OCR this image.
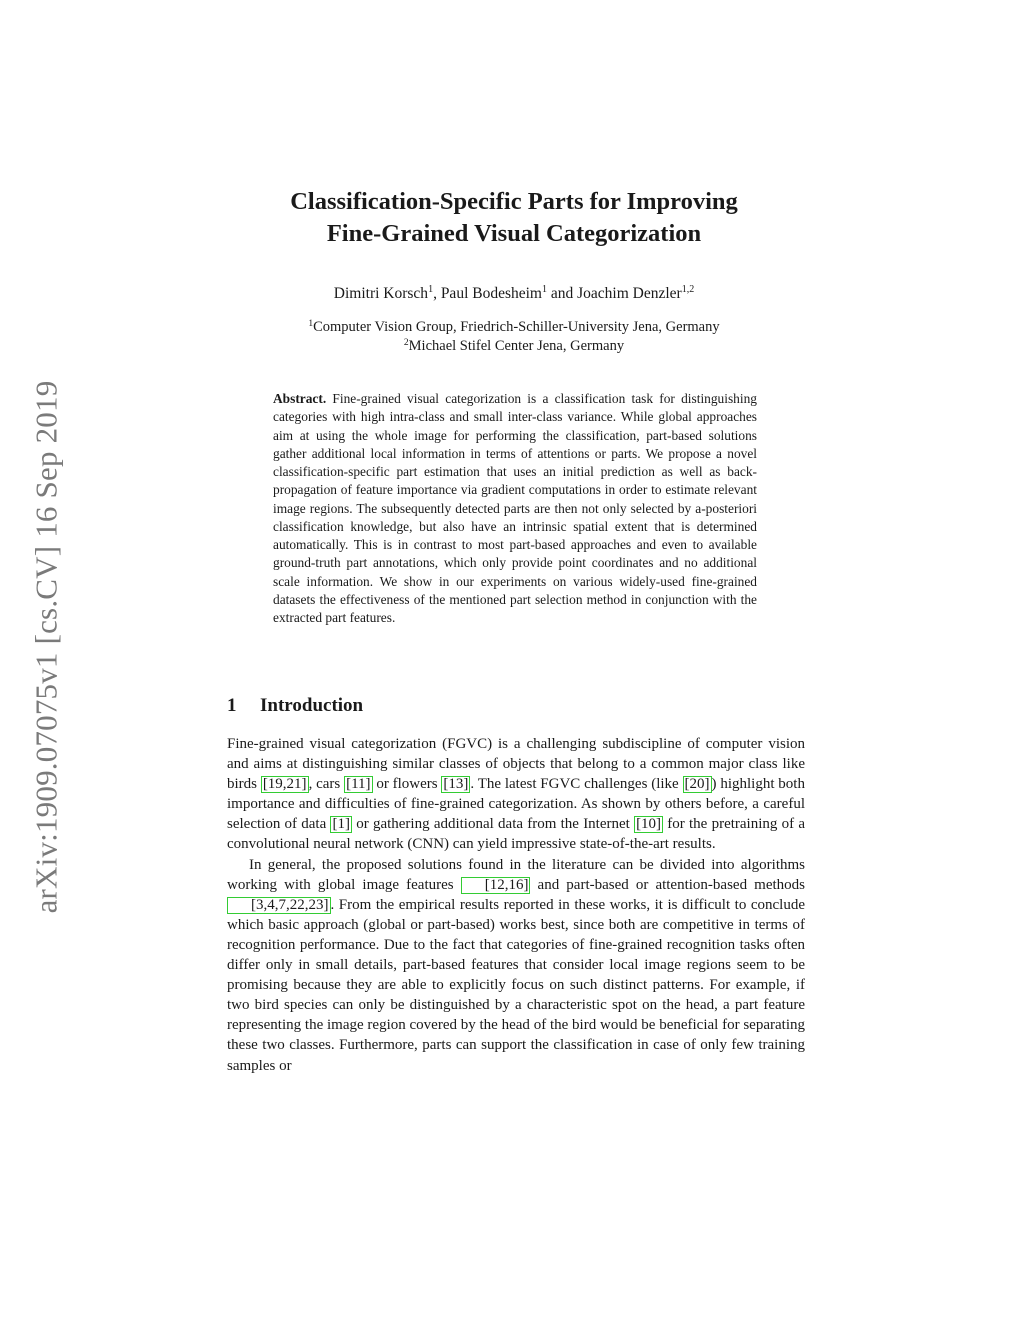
arXiv:1909.07075v1 [cs.CV] 16 Sep 2019
Classification-Specific Parts for Improving
Fine-Grained Visual Categorization
Dimitri Korsch$^1$, Paul Bodesheim$^1$ and Joachim Denzler$^{1,2}$
$^1$Computer Vision Group, Friedrich-Schiller-University Jena, Germany
$^2$Michael Stifel Center Jena, Germany
Abstract. Fine-grained visual categorization is a classification task for distinguishing categories with high intra-class and small inter-class variance. While global approaches aim at using the whole image for performing the classification, part-based solutions gather additional local information in terms of attentions or parts. We propose a novel classification-specific part estimation that uses an initial prediction as well as back-propagation of feature importance via gradient computations in order to estimate relevant image regions. The subsequently detected parts are then not only selected by a-posteriori classification knowledge, but also have an intrinsic spatial extent that is determined automatically. This is in contrast to most part-based approaches and even to available ground-truth part annotations, which only provide point coordinates and no additional scale information. We show in our experiments on various widely-used fine-grained datasets the effectiveness of the mentioned part selection method in conjunction with the extracted part features.
1 Introduction

Fine-grained visual categorization (FGVC) is a challenging subdiscipline of computer vision and aims at distinguishing similar classes of objects that belong to a common major class like birds [19,21] , cars [11] or flowers [13] . The latest FGVC challenges (like [20] ) highlight both importance and difficulties of fine-grained categorization. As shown by others before, a careful selection of data [1] or gathering additional data from the Internet [10] for the pretraining of a convolutional neural network (CNN) can yield impressive state-of-the-art results.

In general, the proposed solutions found in the literature can be divided into algorithms working with global image features [12,16] and part-based or attention-based methods [3,4,7,22,23] . From the empirical results reported in these works, it is difficult to conclude which basic approach (global or part-based) works best, since both are competitive in terms of recognition performance. Due to the fact that categories of fine-grained recognition tasks often differ only in small details, part-based features that consider local image regions seem to be promising because they are able to explicitly focus on such distinct patterns. For example, if two bird species can only be distinguished by a characteristic spot on the head, a part feature representing the image region covered by the head of the bird would be beneficial for separating these two classes. Furthermore, parts can support the classification in case of only few training samples or
